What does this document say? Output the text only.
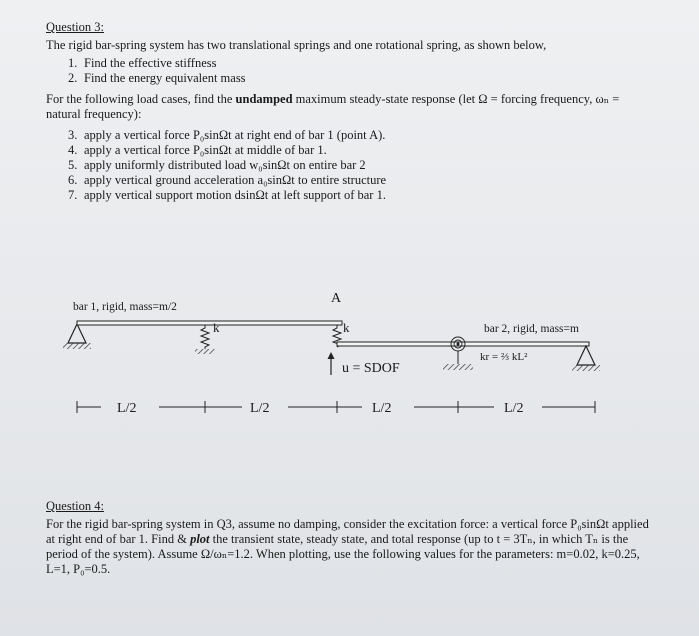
Question 3:
The rigid bar-spring system has two translational springs and one rotational spring, as shown below,
1. Find the effective stiffness
2. Find the energy equivalent mass
For the following load cases, find the undamped maximum steady-state response (let Ω = forcing frequency, ωₙ = natural frequency):
3. apply a vertical force P₀sinΩt at right end of bar 1 (point A).
4. apply a vertical force P₀sinΩt at middle of bar 1.
5. apply uniformly distributed load w₀sinΩt on entire bar 2
6. apply vertical ground acceleration a₀sinΩt to entire structure
7. apply vertical support motion dsinΩt at left support of bar 1.
bar 1, rigid, mass=m/2
k
A
k
u = SDOF
bar 2, rigid, mass=m
kr = ⅔ kL²
L/2	L/2	L/2	L/2
Question 4:
For the rigid bar-spring system in Q3, assume no damping, consider the excitation force: a vertical force P₀sinΩt applied at right end of bar 1. Find & plot the transient state, steady state, and total response (up to t = 3Tₙ, in which Tₙ is the period of the system). Assume Ω/ωₙ=1.2. When plotting, use the following values for the parameters: m=0.02, k=0.25, L=1, P₀=0.5.
